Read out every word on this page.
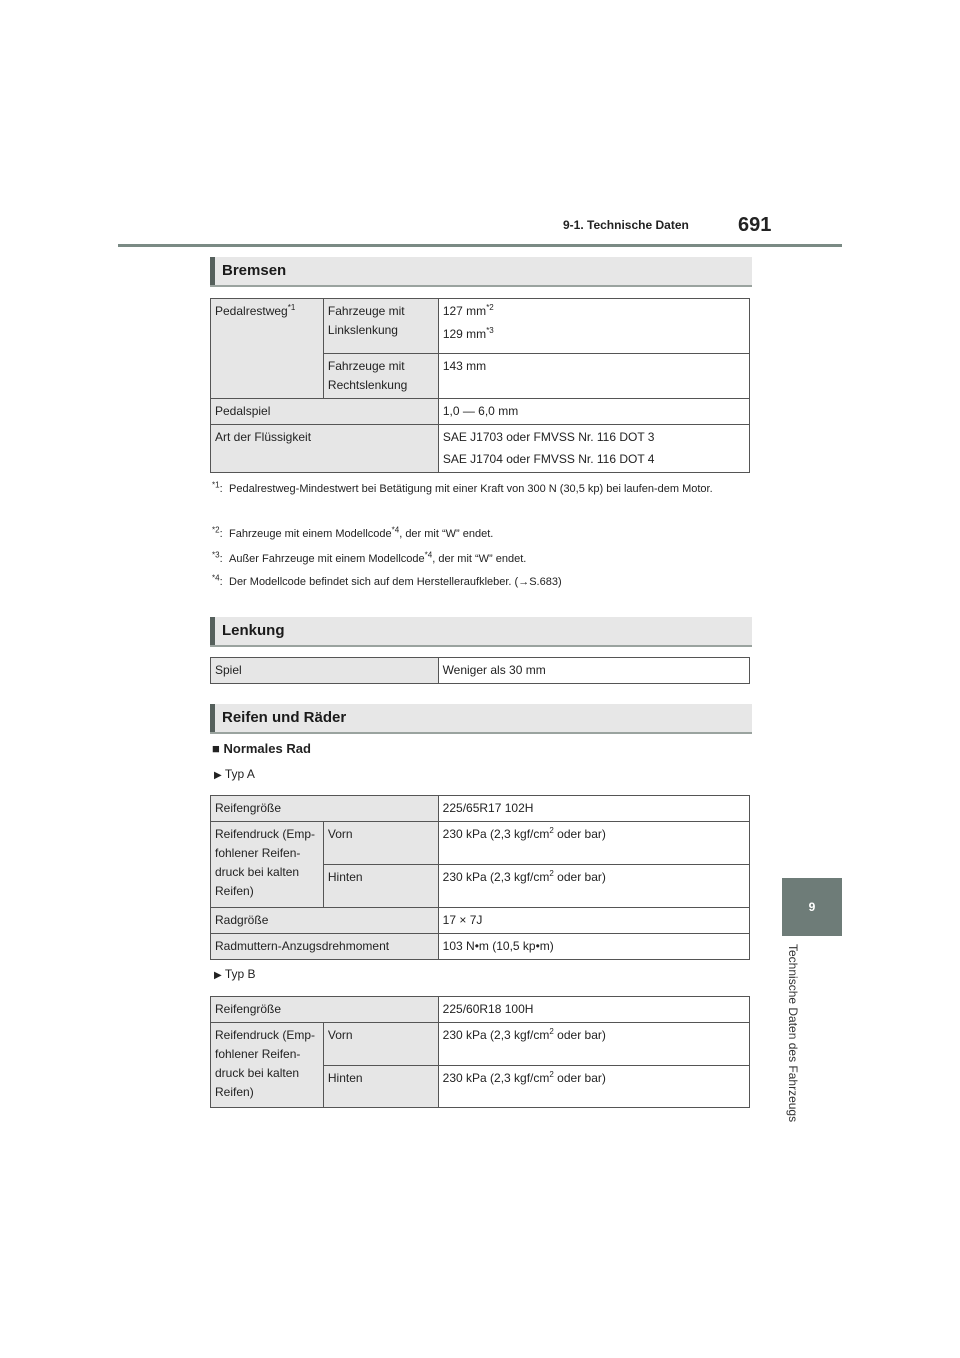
9-1. Technische Daten 691
9
Technische Daten des Fahrzeugs
Bremsen
Pedalrestweg$^{*1}$	Fahrzeuge mit Linkslenkung	127 $mm^{*2}$
129 $mm^{*3}$

	Fahrzeuge mit Rechtslenkung	143 mm
Pedalspiel		1,0 — 6,0 mm
Art der Flüssigkeit		SAE J1703 oder FMVSS Nr. 116 DOT 3
SAE J1704 oder FMVSS Nr. 116 DOT 4
$^{*1}$: Pedalrestweg-Mindestwert bei Betätigung mit einer Kraft von 300 N (30,5 kp) bei laufen-dem Motor.
$^{*2}$: Fahrzeuge mit einem Modellcode$^{*4}$, der mit “W” endet.
$^{*3}$: Außer Fahrzeuge mit einem Modellcode$^{*4}$, der mit “W” endet.
$^{*4}$: Der Modellcode befindet sich auf dem Herstelleraufkleber. (→S.683)
Lenkung
Spiel	Weniger als 30 mm
Reifen und Räder
■ Normales Rad
▶ Typ A
Reifengröße		225/65R17 102H
Reifendruck (Emp-fohlener Reifen-druck bei kalten Reifen)	Vorn	230 kPa (2,3 kgf/$cm^2$ oder bar)
	Hinten	230 kPa (2,3 kgf/$cm^2$ oder bar)
Radgröße		17 × 7J
Radmuttern-Anzugsdrehmoment		103 N•m (10,5 kp•m)
▶ Typ B
Reifengröße		225/60R18 100H
Reifendruck (Emp-fohlener Reifen-druck bei kalten Reifen)	Vorn	230 kPa (2,3 kgf/$cm^2$ oder bar)
	Hinten	230 kPa (2,3 kgf/$cm^2$ oder bar)
